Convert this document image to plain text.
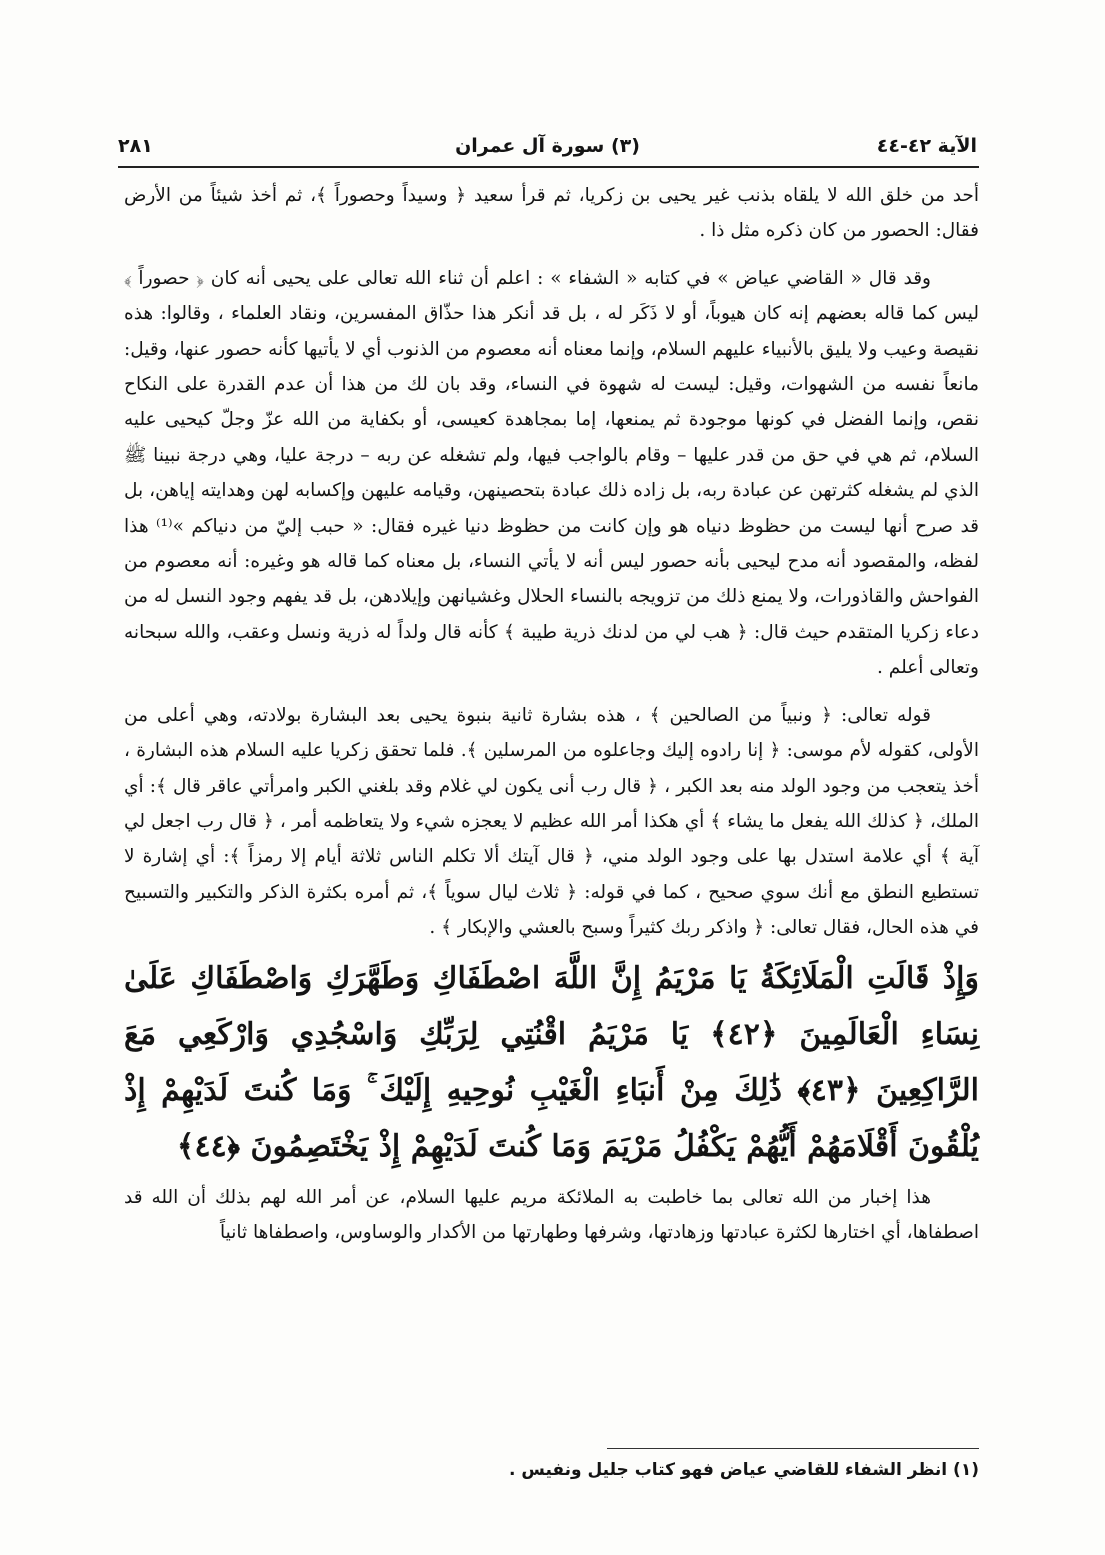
الآية ٤٢-٤٤
(٣) سورة آل عمران
٢٨١

أحد من خلق الله لا يلقاه بذنب غير يحيى بن زكريا، ثم قرأ سعيد ﴿ وسيداً وحصوراً ﴾، ثم أخذ شيئاً من الأرض فقال: الحصور من كان ذكره مثل ذا .

وقد قال « القاضي عياض » في كتابه « الشفاء » : اعلم أن ثناء الله تعالى على يحيى أنه كان ﴿ حصوراً ﴾ ليس كما قاله بعضهم إنه كان هيوباً، أو لا ذَكَر له ، بل قد أنكر هذا حذّاق المفسرين، ونقاد العلماء ، وقالوا: هذه نقيصة وعيب ولا يليق بالأنبياء عليهم السلام، وإنما معناه أنه معصوم من الذنوب أي لا يأتيها كأنه حصور عنها، وقيل: مانعاً نفسه من الشهوات، وقيل: ليست له شهوة في النساء، وقد بان لك من هذا أن عدم القدرة على النكاح نقص، وإنما الفضل في كونها موجودة ثم يمنعها، إما بمجاهدة كعيسى، أو بكفاية من الله عزّ وجلّ كيحيى عليه السلام، ثم هي في حق من قدر عليها – وقام بالواجب فيها، ولم تشغله عن ربه – درجة عليا، وهي درجة نبينا ﷺ الذي لم يشغله كثرتهن عن عبادة ربه، بل زاده ذلك عبادة بتحصينهن، وقيامه عليهن وإكسابه لهن وهدايته إياهن، بل قد صرح أنها ليست من حظوظ دنياه هو وإن كانت من حظوظ دنيا غيره فقال: « حبب إليّ من دنياكم »⁽¹⁾ هذا لفظه، والمقصود أنه مدح ليحيى بأنه حصور ليس أنه لا يأتي النساء، بل معناه كما قاله هو وغيره: أنه معصوم من الفواحش والقاذورات، ولا يمنع ذلك من تزويجه بالنساء الحلال وغشيانهن وإيلادهن، بل قد يفهم وجود النسل له من دعاء زكريا المتقدم حيث قال: ﴿ هب لي من لدنك ذرية طيبة ﴾ كأنه قال ولداً له ذرية ونسل وعقب، والله سبحانه وتعالى أعلم .

قوله تعالى: ﴿ ونبياً من الصالحين ﴾ ، هذه بشارة ثانية بنبوة يحيى بعد البشارة بولادته، وهي أعلى من الأولى، كقوله لأم موسى: ﴿ إنا رادوه إليك وجاعلوه من المرسلين ﴾. فلما تحقق زكريا عليه السلام هذه البشارة ، أخذ يتعجب من وجود الولد منه بعد الكبر ، ﴿ قال رب أنى يكون لي غلام وقد بلغني الكبر وامرأتي عاقر قال ﴾: أي الملك، ﴿ كذلك الله يفعل ما يشاء ﴾ أي هكذا أمر الله عظيم لا يعجزه شيء ولا يتعاظمه أمر ، ﴿ قال رب اجعل لي آية ﴾ أي علامة استدل بها على وجود الولد مني، ﴿ قال آيتك ألا تكلم الناس ثلاثة أيام إلا رمزاً ﴾: أي إشارة لا تستطيع النطق مع أنك سوي صحيح ، كما في قوله: ﴿ ثلاث ليال سوياً ﴾، ثم أمره بكثرة الذكر والتكبير والتسبيح في هذه الحال، فقال تعالى: ﴿ واذكر ربك كثيراً وسبح بالعشي والإبكار ﴾ .

وَإِذْ قَالَتِ الْمَلَائِكَةُ يَا مَرْيَمُ إِنَّ اللَّهَ اصْطَفَاكِ وَطَهَّرَكِ وَاصْطَفَاكِ عَلَىٰ نِسَاءِ الْعَالَمِينَ ﴿٤٢﴾ يَا مَرْيَمُ اقْنُتِي لِرَبِّكِ وَاسْجُدِي وَارْكَعِي مَعَ الرَّاكِعِينَ ﴿٤٣﴾ ذَٰلِكَ مِنْ أَنبَاءِ الْغَيْبِ نُوحِيهِ إِلَيْكَ ۚ وَمَا كُنتَ لَدَيْهِمْ إِذْ يُلْقُونَ أَقْلَامَهُمْ أَيُّهُمْ يَكْفُلُ مَرْيَمَ وَمَا كُنتَ لَدَيْهِمْ إِذْ يَخْتَصِمُونَ ﴿٤٤﴾

هذا إخبار من الله تعالى بما خاطبت به الملائكة مريم عليها السلام، عن أمر الله لهم بذلك أن الله قد اصطفاها، أي اختارها لكثرة عبادتها وزهادتها، وشرفها وطهارتها من الأكدار والوساوس، واصطفاها ثانياً

(١) انظر الشفاء للقاضي عياض فهو كتاب جليل ونفيس .
